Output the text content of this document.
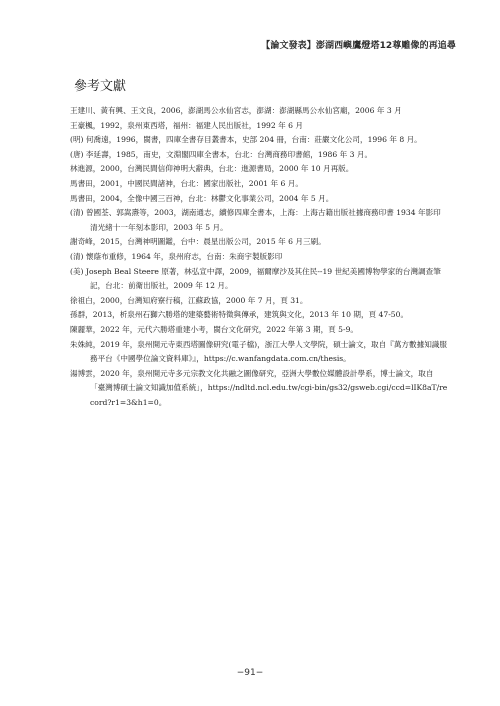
【論文發表】澎湖西嶼鷹燈塔12尊雕像的再追尋
參考文獻
王建川、黃有興、王文良，2006，澎湖馬公水仙宮志，澎湖：澎湖縣馬公水仙宮廟，2006 年 3 月
王豪楓，1992，泉州東西塔，福州：福建人民出版社，1992 年 6 月
(明) 何喬遠，1996，閩書，四庫全書存目叢書本，史部 204 冊，台南：莊嚴文化公司，1996 年 8 月。
(唐) 李延壽，1985，南史，文淵閣四庫全書本，台北：台灣商務印書館，1986 年 3 月。
林進源，2000，台灣民間信仰神明大辭典，台北：進源書局，2000 年 10 月再版。
馬書田，2001，中國民間諸神，台北：國家出版社，2001 年 6 月。
馬書田，2004，全像中國三百神，台北：林鬱文化事業公司，2004 年 5 月。
(清) 曾國荃、郭嵩燾等，2003，湖南通志，續修四庫全書本，上海：上海古籍出版社據商務印書 1934 年影印清光緒十一年刻本影印，2003 年 5 月。
謝奇峰，2015，台灣神明圖鑑，台中：晨星出版公司，2015 年 6 月三刷。
(清) 懷蔭布重修，1964 年，泉州府志，台南：朱商宇製版影印
(美) Joseph Beal Steere 原著，林弘宣中譯，2009，福爾摩沙及其住民--19 世紀美國博物學家的台灣調查筆記，台北：前衛出版社，2009 年 12 月。
徐祖白，2000，台灣知府寮行稿，江蘇政協，2000 年 7 月，頁 31。
孫群，2013，析泉州石獅六勝塔的建築藝術特徵與傳承，建筑與文化，2013 年 10 期，頁 47-50。
陳麗華，2022 年，元代六勝塔重建小考，閩台文化研究，2022 年第 3 期，頁 5-9。
朱姝純，2019 年，泉州開元寺東西塔圖像研究(電子檔)，浙江大學人文學院，碩士論文，取自『萬方數據知識服務平台《中國學位論文資料庫》』，https://c.wanfangdata.com.cn/thesis。
湯博雲，2020 年，泉州開元寺多元宗教文化共融之圖像研究，亞洲大學數位媒體設計學系，博士論文，取自「臺灣博碩士論文知識加值系統」，https://ndltd.ncl.edu.tw/cgi-bin/gs32/gsweb.cgi/ccd=lIK8aT/record?r1=3&h1=0。
−91−
